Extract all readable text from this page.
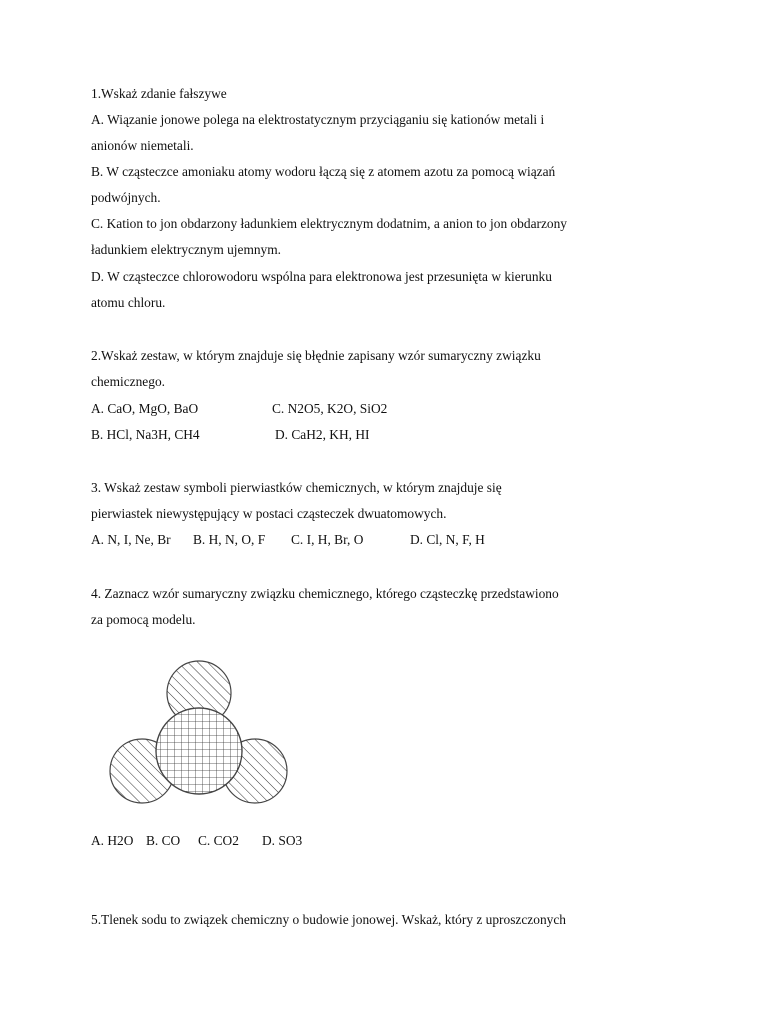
1.Wskaż zdanie fałszywe
A. Wiązanie jonowe polega na elektrostatycznym przyciąganiu się kationów metali i
anionów niemetali.
B. W cząsteczce amoniaku atomy wodoru łączą się z atomem azotu za pomocą wiązań
podwójnych.
C. Kation to jon obdarzony ładunkiem elektrycznym dodatnim, a anion to jon obdarzony
ładunkiem elektrycznym ujemnym.
D. W cząsteczce chlorowodoru wspólna para elektronowa jest przesunięta w kierunku
atomu chloru.
2.Wskaż zestaw, w którym znajduje się błędnie zapisany wzór sumaryczny związku
chemicznego.
A. CaO, MgO, BaO	C. N2O5, K2O, SiO2
B. HCl, Na3H, CH4	D. CaH2, KH, HI
3. Wskaż zestaw symboli pierwiastków chemicznych, w którym znajduje się
pierwiastek niewystępujący w postaci cząsteczek dwuatomowych.
A. N, I, Ne, Br B. H, N, O, F C. I, H, Br, O	D. Cl, N, F, H
4. Zaznacz wzór sumaryczny związku chemicznego, którego cząsteczkę przedstawiono
za pomocą modelu.
A. H2O B. CO C. CO2 D. SO3
5.Tlenek sodu to związek chemiczny o budowie jonowej. Wskaż, który z uproszczonych
